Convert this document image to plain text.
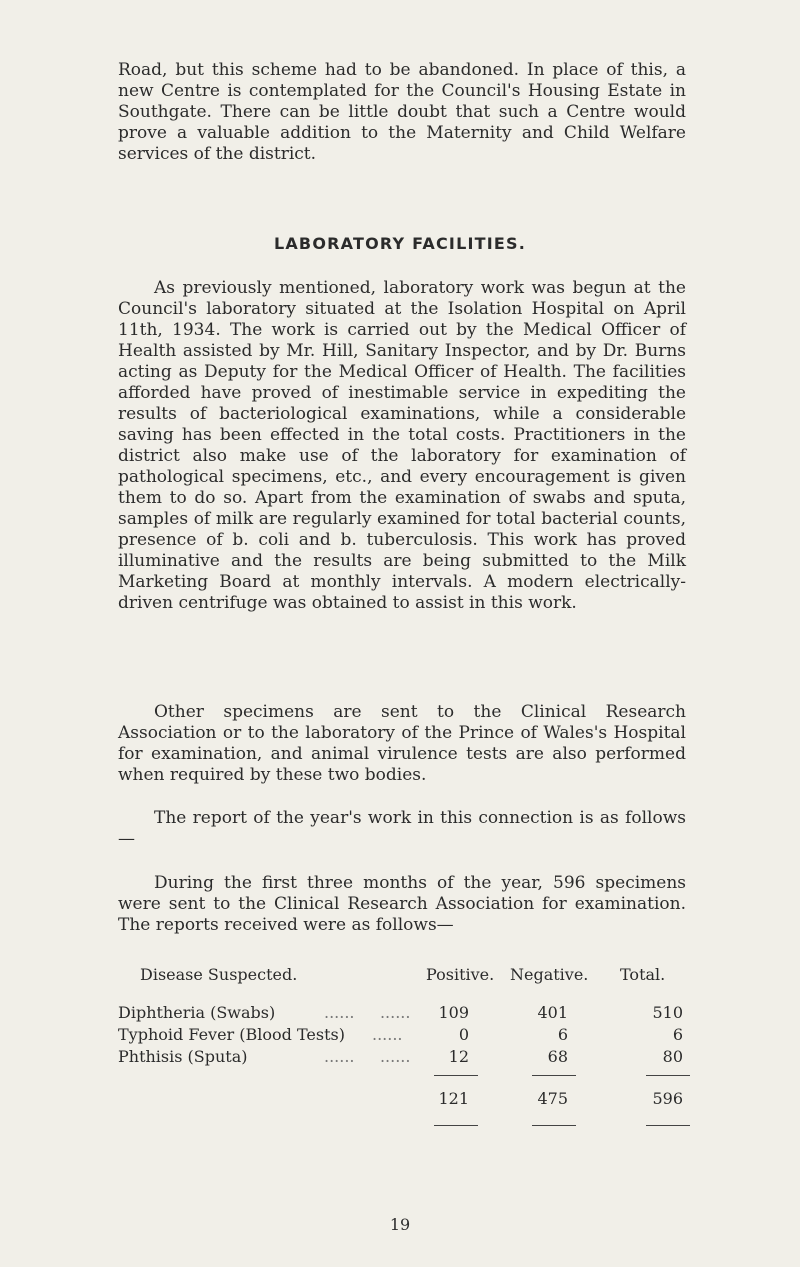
Road, but this scheme had to be abandoned. In place of this, a new Centre is contemplated for the Council's Housing Estate in Southgate. There can be little doubt that such a Centre would prove a valuable addition to the Maternity and Child Welfare services of the district.

LABORATORY FACILITIES.

As previously mentioned, laboratory work was begun at the Council's laboratory situated at the Isolation Hospital on April 11th, 1934. The work is carried out by the Medical Officer of Health assisted by Mr. Hill, Sanitary Inspector, and by Dr. Burns acting as Deputy for the Medical Officer of Health. The facilities afforded have proved of inestimable service in expediting the results of bacteriological examinations, while a considerable saving has been effected in the total costs. Practitioners in the district also make use of the laboratory for examination of pathological specimens, etc., and every encouragement is given them to do so. Apart from the examination of swabs and sputa, samples of milk are regularly examined for total bacterial counts, presence of b. coli and b. tuberculosis. This work has proved illuminative and the results are being submitted to the Milk Marketing Board at monthly intervals. A modern electrically-driven centrifuge was obtained to assist in this work.

Other specimens are sent to the Clinical Research Association or to the laboratory of the Prince of Wales's Hospital for examination, and animal virulence tests are also performed when required by these two bodies.

The report of the year's work in this connection is as follows—

During the first three months of the year, 596 specimens were sent to the Clinical Research Association for examination. The reports received were as follows—

Disease Suspected.	Positive. Negative. Total.
Diphtheria (Swabs)	......     ......	109	401	510
Typhoid Fever (Blood Tests) ......	0	6	6
Phthisis (Sputa)	......     ......	12	68	80
121	475	596
19
